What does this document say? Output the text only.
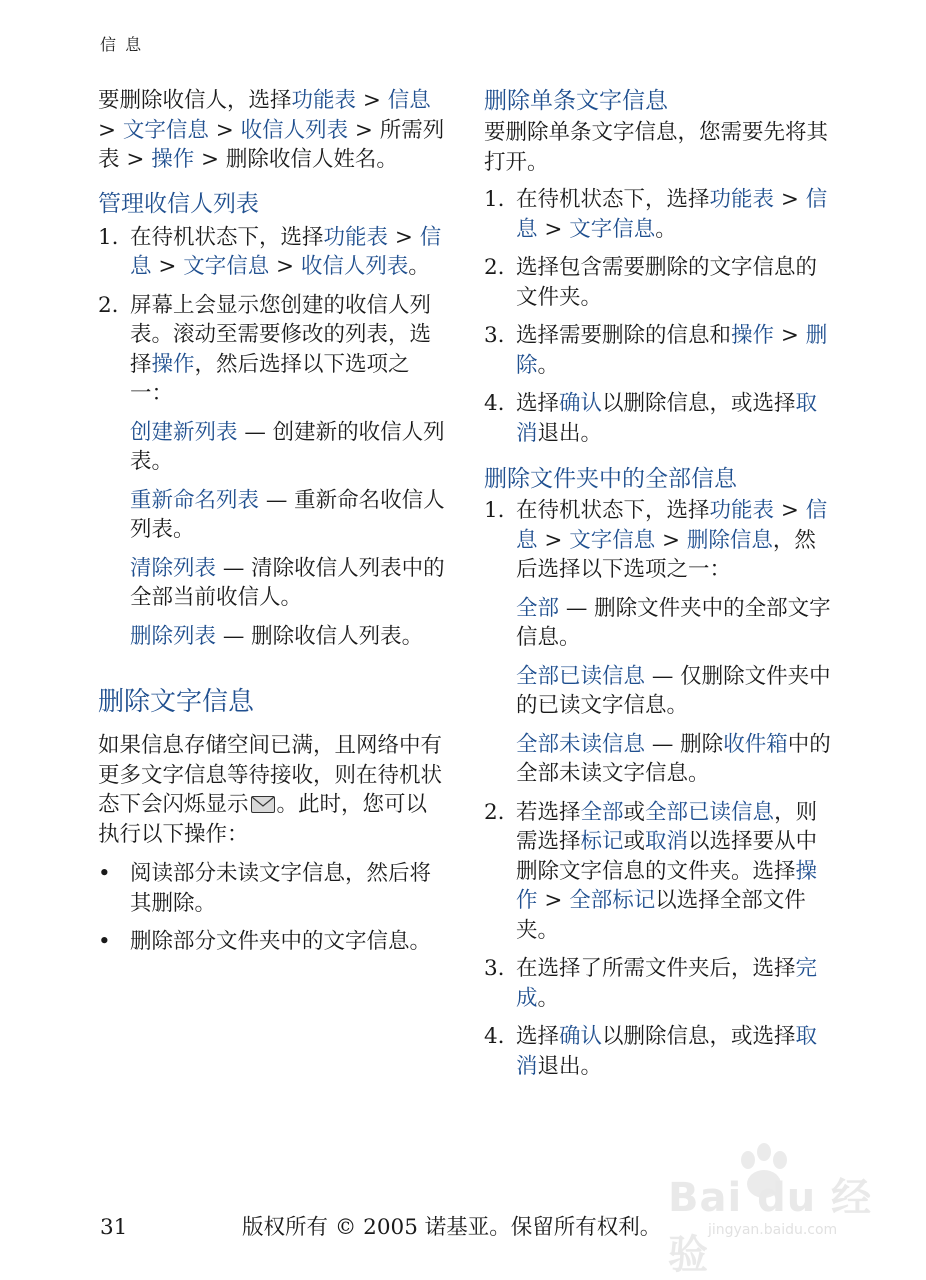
信 息

要删除收信人，选择功能表 > 信息 > 文字信息 > 收信人列表 > 所需列表 > 操作 > 删除收信人姓名。

管理收信人列表
1. 在待机状态下，选择功能表 > 信息 > 文字信息 > 收信人列表。
2. 屏幕上会显示您创建的收信人列表。滚动至需要修改的列表，选择操作，然后选择以下选项之一：

创建新列表 — 创建新的收信人列表。

重新命名列表 — 重新命名收信人列表。

清除列表 — 清除收信人列表中的全部当前收信人。

删除列表 — 删除收信人列表。

删除文字信息

如果信息存储空间已满，且网络中有更多文字信息等待接收，则在待机状态下会闪烁显示 。此时，您可以执行以下操作：

• 阅读部分未读文字信息，然后将其删除。
• 删除部分文件夹中的文字信息。
删除单条文字信息

要删除单条文字信息，您需要先将其打开。

1. 在待机状态下，选择功能表 > 信息 > 文字信息。
2. 选择包含需要删除的文字信息的文件夹。
3. 选择需要删除的信息和操作 > 删除。
4. 选择确认以删除信息，或选择取消退出。
删除文件夹中的全部信息
1. 在待机状态下，选择功能表 > 信息 > 文字信息 > 删除信息，然后选择以下选项之一：

全部 — 删除文件夹中的全部文字信息。

全部已读信息 — 仅删除文件夹中的已读文字信息。

全部未读信息 — 删除收件箱中的全部未读文字信息。

2. 若选择全部或全部已读信息，则需选择标记或取消以选择要从中删除文字信息的文件夹。选择操作 > 全部标记以选择全部文件夹。
3. 在选择了所需文件夹后，选择完成。
4. 选择确认以删除信息，或选择取消退出。
Bai du 经验
jingyan.baidu.com
31	版权所有 © 2005 诺基亚。保留所有权利。
